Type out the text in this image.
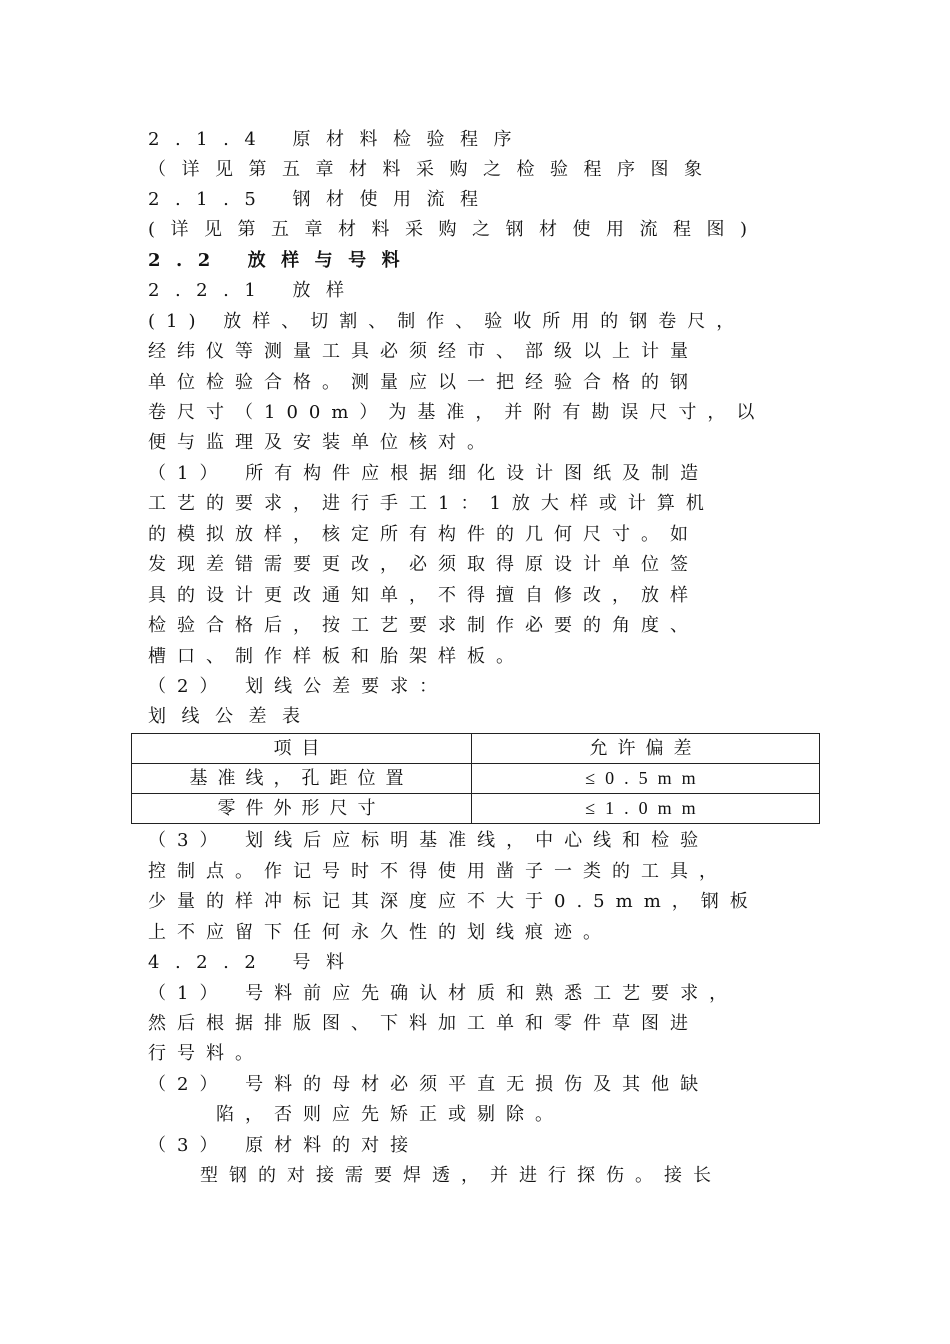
2.1.4 原材料检验程序
（详见第五章材料采购之检验程序图象
2.1.5 钢材使用流程
(详见第五章材料采购之钢材使用流程图)
2.2 放样与号料
2.2.1 放样
(1) 放样、切割、制作、验收所用的钢卷尺，
经纬仪等测量工具必须经市、部级以上计量
单位检验合格。测量应以一把经验合格的钢
卷尺寸（100m）为基准，并附有勘误尺寸，以
便与监理及安装单位核对。
（1） 所有构件应根据细化设计图纸及制造
工艺的要求，进行手工1：1放大样或计算机
的模拟放样，核定所有构件的几何尺寸。如
发现差错需要更改，必须取得原设计单位签
具的设计更改通知单，不得擅自修改，放样
检验合格后，按工艺要求制作必要的角度、
槽口、制作样板和胎架样板。
（2） 划线公差要求：
划线公差表
项目	允许偏差
基准线，孔距位置	≤0.5mm
零件外形尺寸	≤1.0mm
（3） 划线后应标明基准线，中心线和检验
控制点。作记号时不得使用凿子一类的工具，
少量的样冲标记其深度应不大于0.5mm，钢板
上不应留下任何永久性的划线痕迹。
4.2.2 号料
（1） 号料前应先确认材质和熟悉工艺要求，
然后根据排版图、下料加工单和零件草图进
行号料。
（2） 号料的母材必须平直无损伤及其他缺
陷，否则应先矫正或剔除。
（3） 原材料的对接
型钢的对接需要焊透，并进行探伤。接长
